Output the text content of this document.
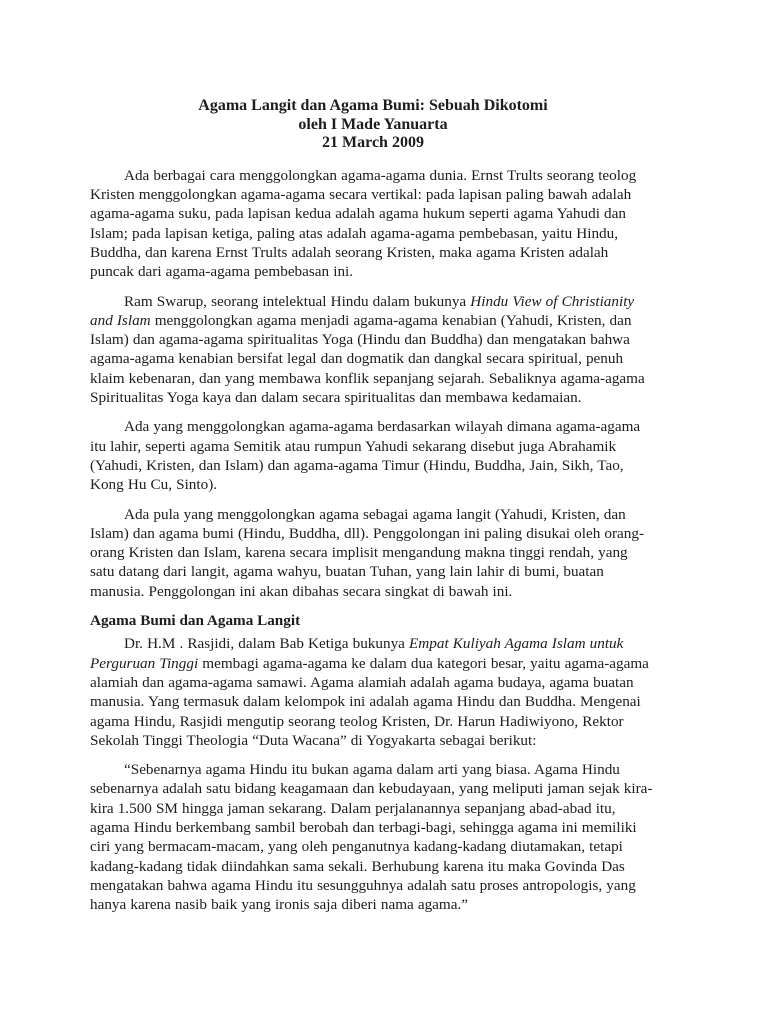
Agama Langit dan Agama Bumi: Sebuah Dikotomi
oleh I Made Yanuarta
21 March 2009
Ada berbagai cara menggolongkan agama-agama dunia. Ernst Trults seorang teolog Kristen menggolongkan agama-agama secara vertikal: pada lapisan paling bawah adalah agama-agama suku, pada lapisan kedua adalah agama hukum seperti agama Yahudi dan Islam; pada lapisan ketiga, paling atas adalah agama-agama pembebasan, yaitu Hindu, Buddha, dan karena Ernst Trults adalah seorang Kristen, maka agama Kristen adalah puncak dari agama-agama pembebasan ini.
Ram Swarup, seorang intelektual Hindu dalam bukunya Hindu View of Christianity and Islam menggolongkan agama menjadi agama-agama kenabian (Yahudi, Kristen, dan Islam) dan agama-agama spiritualitas Yoga (Hindu dan Buddha) dan mengatakan bahwa agama-agama kenabian bersifat legal dan dogmatik dan dangkal secara spiritual, penuh klaim kebenaran, dan yang membawa konflik sepanjang sejarah. Sebaliknya agama-agama Spiritualitas Yoga kaya dan dalam secara spiritualitas dan membawa kedamaian.
Ada yang menggolongkan agama-agama berdasarkan wilayah dimana agama-agama itu lahir, seperti agama Semitik atau rumpun Yahudi sekarang disebut juga Abrahamik (Yahudi, Kristen, dan Islam) dan agama-agama Timur (Hindu, Buddha, Jain, Sikh, Tao, Kong Hu Cu, Sinto).
Ada pula yang menggolongkan agama sebagai agama langit (Yahudi, Kristen, dan Islam) dan agama bumi (Hindu, Buddha, dll). Penggolongan ini paling disukai oleh orang-orang Kristen dan Islam, karena secara implisit mengandung makna tinggi rendah, yang satu datang dari langit, agama wahyu, buatan Tuhan, yang lain lahir di bumi, buatan manusia. Penggolongan ini akan dibahas secara singkat di bawah ini.
Agama Bumi dan Agama Langit
Dr. H.M . Rasjidi, dalam Bab Ketiga bukunya Empat Kuliyah Agama Islam untuk Perguruan Tinggi membagi agama-agama ke dalam dua kategori besar, yaitu agama-agama alamiah dan agama-agama samawi. Agama alamiah adalah agama budaya, agama buatan manusia. Yang termasuk dalam kelompok ini adalah agama Hindu dan Buddha. Mengenai agama Hindu, Rasjidi mengutip seorang teolog Kristen, Dr. Harun Hadiwiyono, Rektor Sekolah Tinggi Theologia “Duta Wacana” di Yogyakarta sebagai berikut:
“Sebenarnya agama Hindu itu bukan agama dalam arti yang biasa. Agama Hindu sebenarnya adalah satu bidang keagamaan dan kebudayaan, yang meliputi jaman sejak kira-kira 1.500 SM hingga jaman sekarang. Dalam perjalanannya sepanjang abad-abad itu, agama Hindu berkembang sambil berobah dan terbagi-bagi, sehingga agama ini memiliki ciri yang bermacam-macam, yang oleh penganutnya kadang-kadang diutamakan, tetapi kadang-kadang tidak diindahkan sama sekali. Berhubung karena itu maka Govinda Das mengatakan bahwa agama Hindu itu sesungguhnya adalah satu proses antropologis, yang hanya karena nasib baik yang ironis saja diberi nama agama.”
